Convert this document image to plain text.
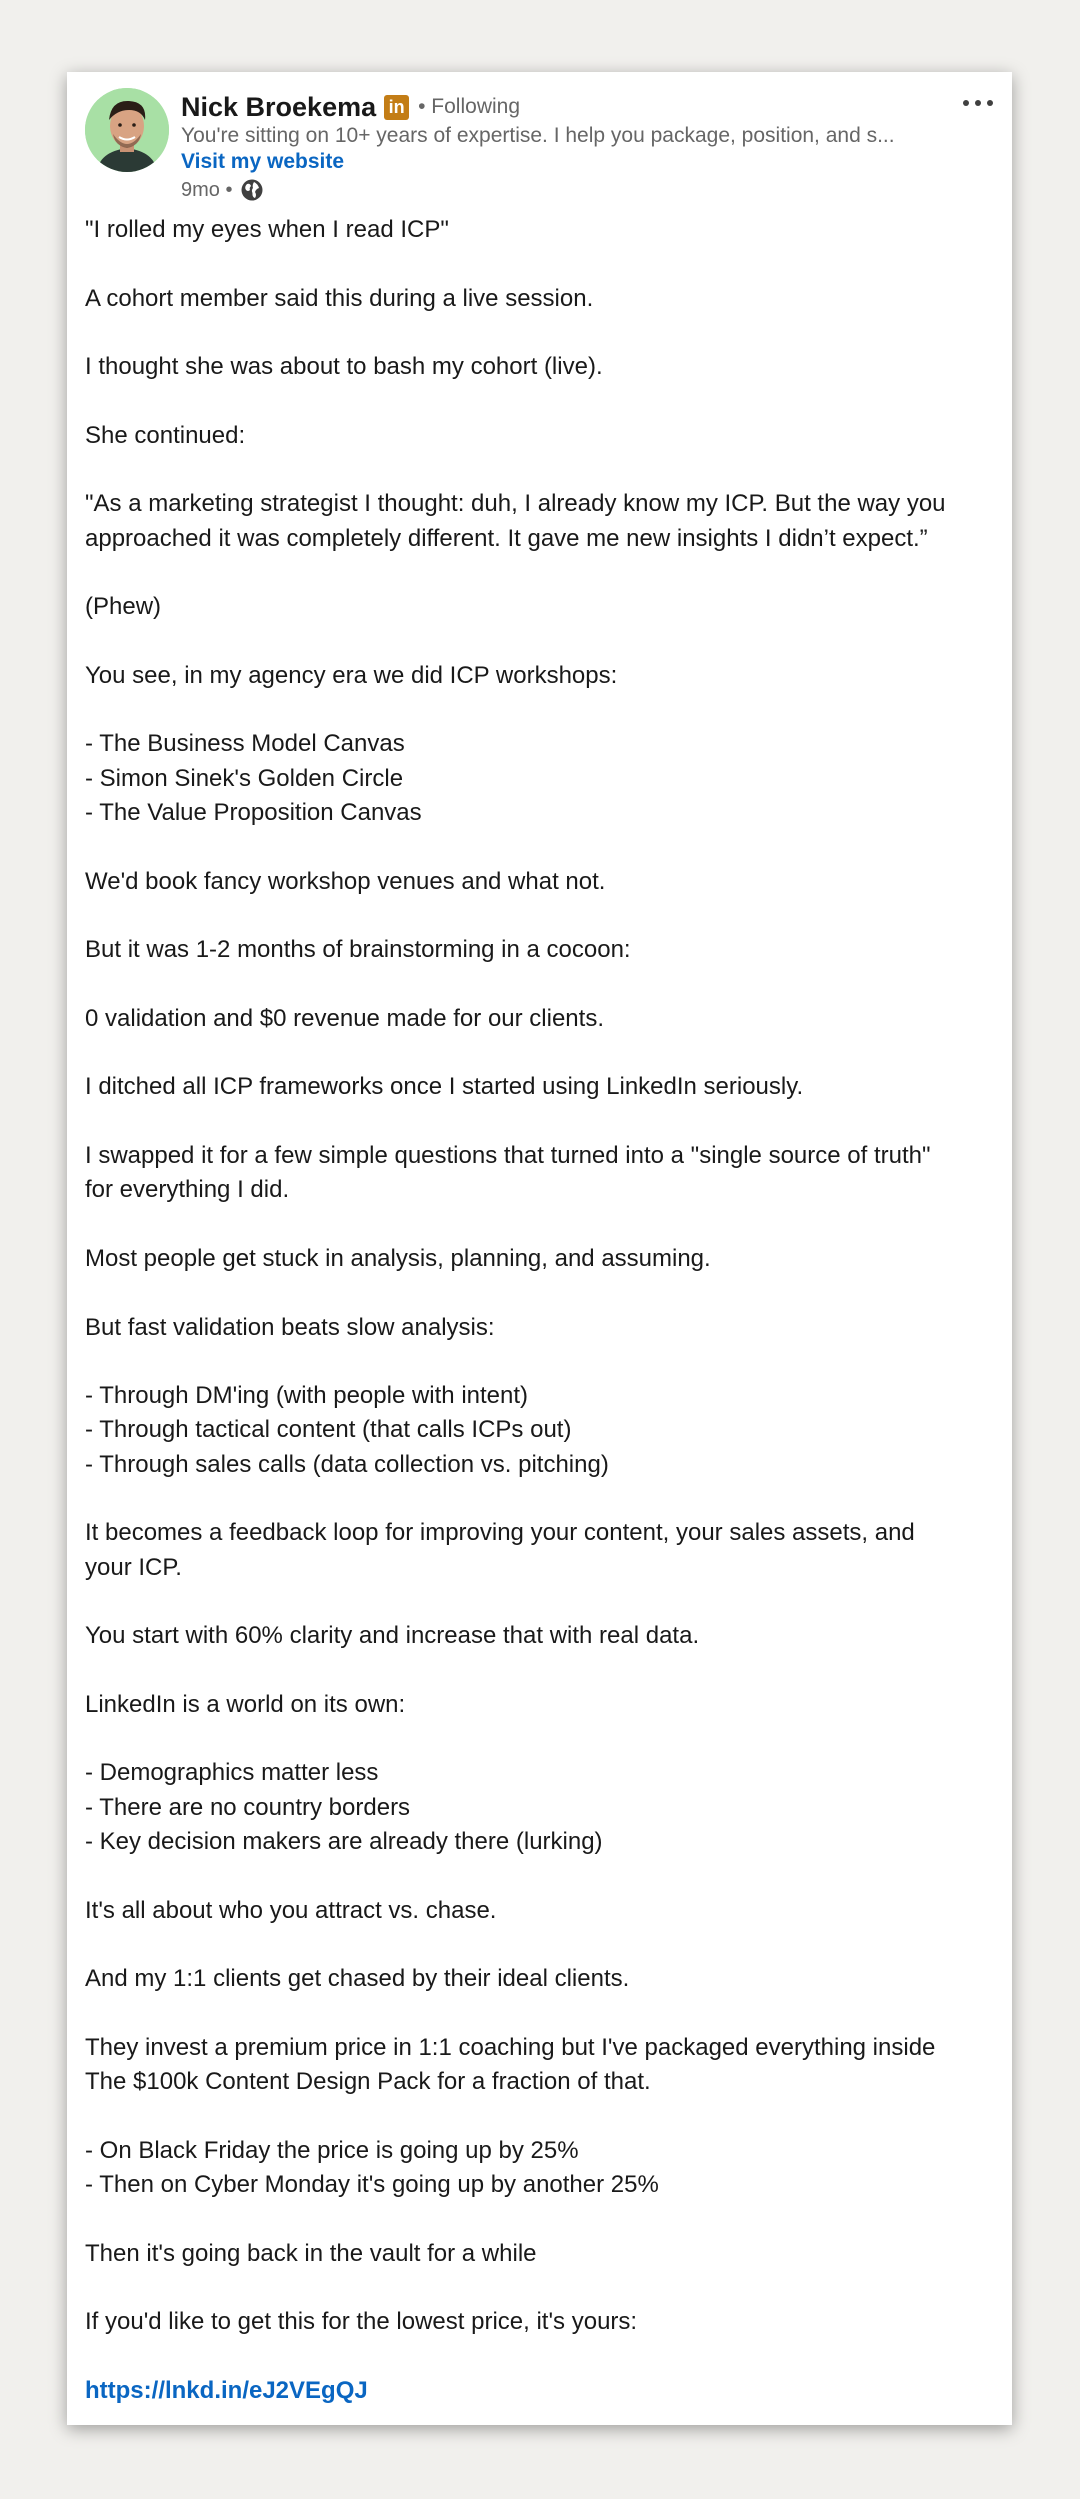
Nick Broekema in • Following
You're sitting on 10+ years of expertise. I help you package, position, and s...
Visit my website
9mo •

"I rolled my eyes when I read ICP"

A cohort member said this during a live session.

I thought she was about to bash my cohort (live).

She continued:

"As a marketing strategist I thought: duh, I already know my ICP. But the way you
approached it was completely different. It gave me new insights I didn’t expect.”

(Phew)

You see, in my agency era we did ICP workshops:

- The Business Model Canvas
- Simon Sinek's Golden Circle
- The Value Proposition Canvas

We'd book fancy workshop venues and what not.

But it was 1-2 months of brainstorming in a cocoon:

0 validation and $0 revenue made for our clients.

I ditched all ICP frameworks once I started using LinkedIn seriously.

I swapped it for a few simple questions that turned into a "single source of truth"
for everything I did.

Most people get stuck in analysis, planning, and assuming.

But fast validation beats slow analysis:

- Through DM'ing (with people with intent)
- Through tactical content (that calls ICPs out)
- Through sales calls (data collection vs. pitching)

It becomes a feedback loop for improving your content, your sales assets, and
your ICP.

You start with 60% clarity and increase that with real data.

LinkedIn is a world on its own:

- Demographics matter less
- There are no country borders
- Key decision makers are already there (lurking)

It's all about who you attract vs. chase.

And my 1:1 clients get chased by their ideal clients.

They invest a premium price in 1:1 coaching but I've packaged everything inside
The $100k Content Design Pack for a fraction of that.

- On Black Friday the price is going up by 25%
- Then on Cyber Monday it's going up by another 25%

Then it's going back in the vault for a while

If you'd like to get this for the lowest price, it's yours:

https://lnkd.in/eJ2VEgQJ
